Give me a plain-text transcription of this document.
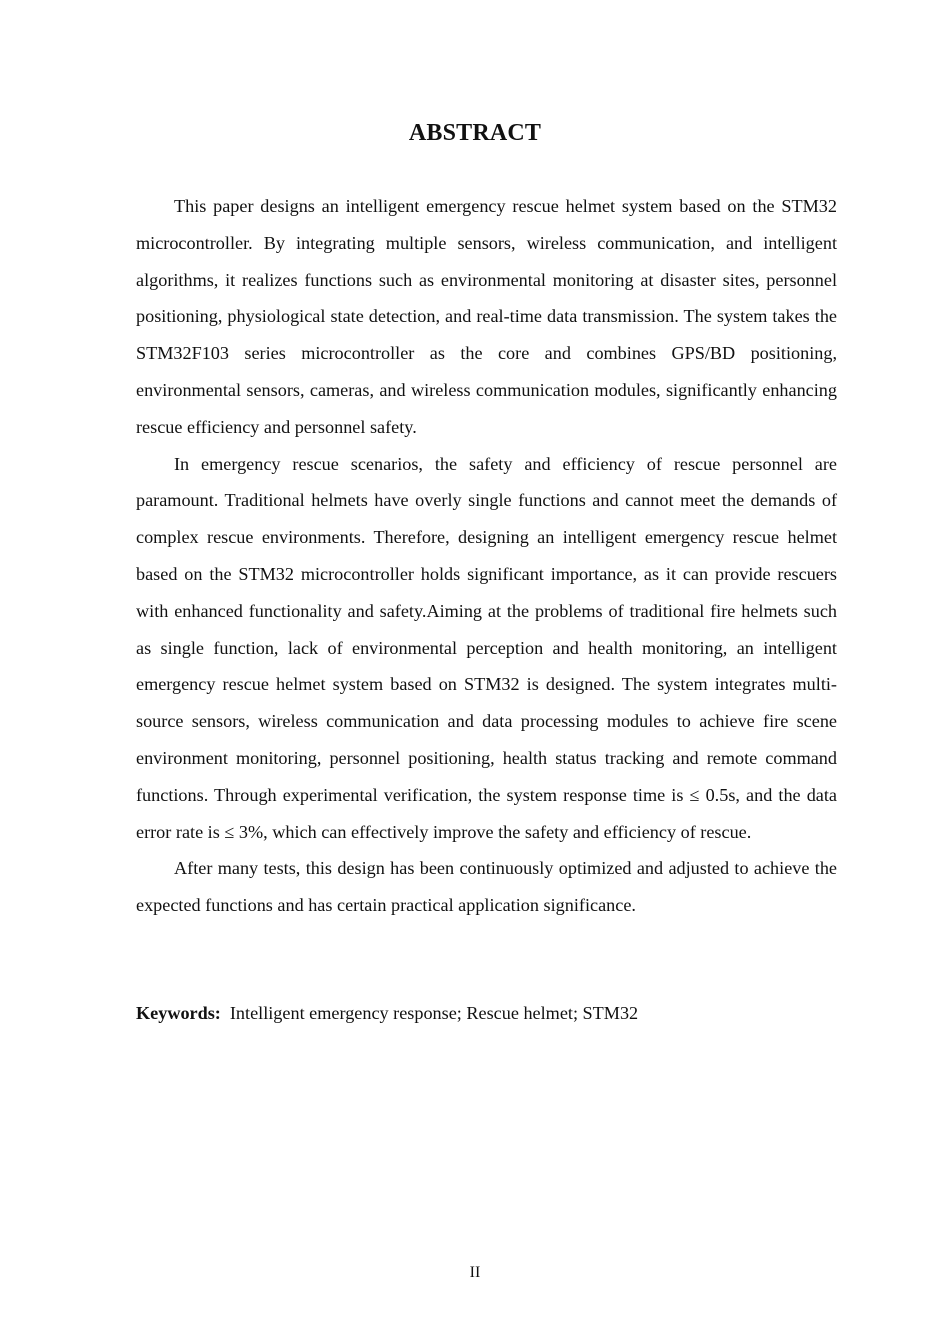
ABSTRACT

This paper designs an intelligent emergency rescue helmet system based on the STM32 microcontroller. By integrating multiple sensors, wireless communication, and intelligent algorithms, it realizes functions such as environmental monitoring at disaster sites, personnel positioning, physiological state detection, and real-time data transmission. The system takes the STM32F103 series microcontroller as the core and combines GPS/BD positioning, environmental sensors, cameras, and wireless communication modules, significantly enhancing rescue efficiency and personnel safety.

In emergency rescue scenarios, the safety and efficiency of rescue personnel are paramount. Traditional helmets have overly single functions and cannot meet the demands of complex rescue environments. Therefore, designing an intelligent emergency rescue helmet based on the STM32 microcontroller holds significant importance, as it can provide rescuers with enhanced functionality and safety.Aiming at the problems of traditional fire helmets such as single function, lack of environmental perception and health monitoring, an intelligent emergency rescue helmet system based on STM32 is designed. The system integrates multi-source sensors, wireless communication and data processing modules to achieve fire scene environment monitoring, personnel positioning, health status tracking and remote command functions. Through experimental verification, the system response time is ≤ 0.5s, and the data error rate is ≤ 3%, which can effectively improve the safety and efficiency of rescue.

After many tests, this design has been continuously optimized and adjusted to achieve the expected functions and has certain practical application significance.

Keywords: Intelligent emergency response; Rescue helmet; STM32

II
